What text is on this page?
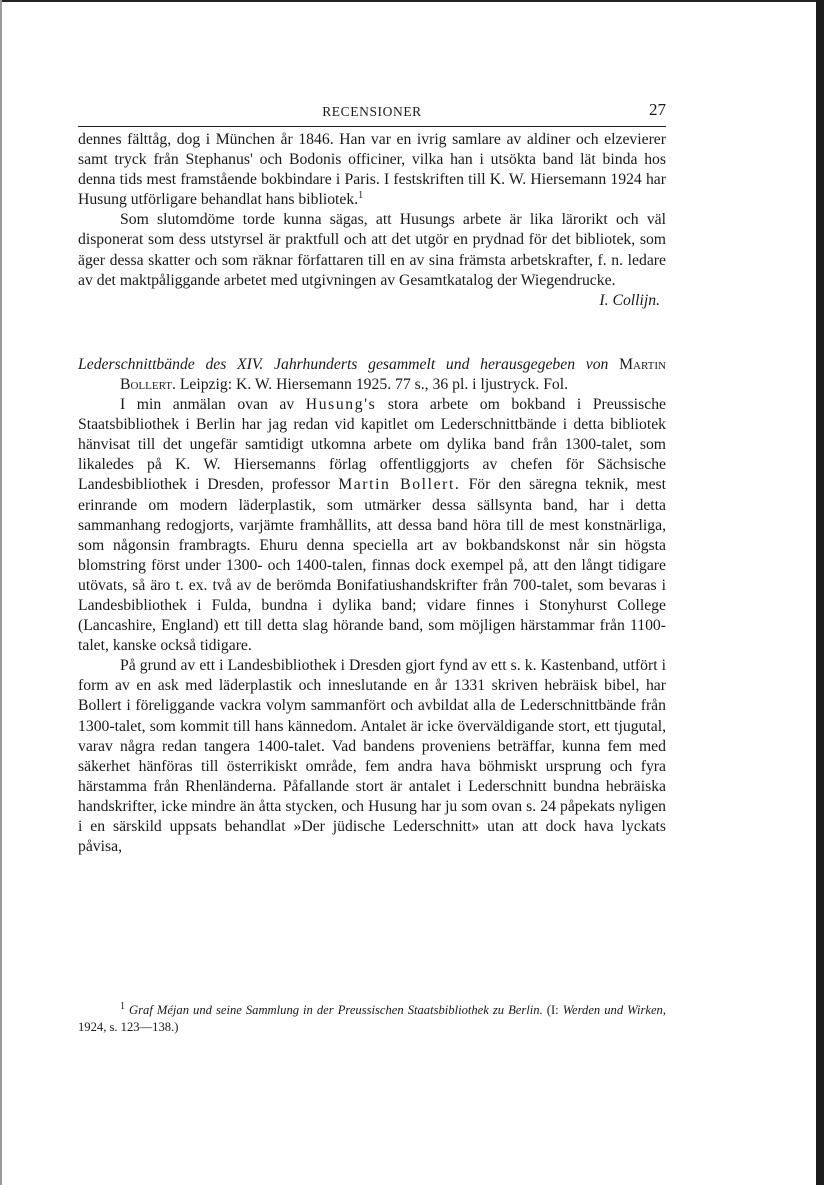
RECENSIONER	27

dennes fälttåg, dog i München år 1846. Han var en ivrig samlare av aldiner och elzevierer samt tryck från Stephanus' och Bodonis officiner, vilka han i utsökta band lät binda hos denna tids mest framstående bokbindare i Paris. I festskriften till K. W. Hiersemann 1924 har Husung utförligare behandlat hans bibliotek.$^1$

Som slutomdöme torde kunna sägas, att Husungs arbete är lika lärorikt och väl disponerat som dess utstyrsel är praktfull och att det utgör en prydnad för det bibliotek, som äger dessa skatter och som räknar författaren till en av sina främsta arbetskrafter, f. n. ledare av det maktpåliggande arbetet med utgivningen av Gesamtkatalog der Wiegendrucke.

I. Collijn.

Lederschnittbände des XIV. Jahrhunderts gesammelt und herausgegeben von Martin Bollert. Leipzig: K. W. Hiersemann 1925. 77 s., 36 pl. i ljustryck. Fol.

I min anmälan ovan av Husung's stora arbete om bokband i Preussische Staatsbibliothek i Berlin har jag redan vid kapitlet om Lederschnittbände i detta bibliotek hänvisat till det ungefär samtidigt utkomna arbete om dylika band från 1300-talet, som likaledes på K. W. Hiersemanns förlag offentliggjorts av chefen för Sächsische Landesbibliothek i Dresden, professor Martin Bollert. För den säregna teknik, mest erinrande om modern läderplastik, som utmärker dessa sällsynta band, har i detta sammanhang redogjorts, varjämte framhållits, att dessa band höra till de mest konstnärliga, som någonsin frambragts. Ehuru denna speciella art av bokbandskonst når sin högsta blomstring först under 1300- och 1400-talen, finnas dock exempel på, att den långt tidigare utövats, så äro t. ex. två av de berömda Bonifatiushandskrifter från 700-talet, som bevaras i Landesbibliothek i Fulda, bundna i dylika band; vidare finnes i Stonyhurst College (Lancashire, England) ett till detta slag hörande band, som möjligen härstammar från 1100-talet, kanske också tidigare.

På grund av ett i Landesbibliothek i Dresden gjort fynd av ett s. k. Kastenband, utfört i form av en ask med läderplastik och inneslutande en år 1331 skriven hebräisk bibel, har Bollert i föreliggande vackra volym sammanfört och avbildat alla de Lederschnittbände från 1300-talet, som kommit till hans kännedom. Antalet är icke överväldigande stort, ett tjugutal, varav några redan tangera 1400-talet. Vad bandens proveniens beträffar, kunna fem med säkerhet hänföras till österrikiskt område, fem andra hava böhmiskt ursprung och fyra härstamma från Rhenländerna. Påfallande stort är antalet i Lederschnitt bundna hebräiska handskrifter, icke mindre än åtta stycken, och Husung har ju som ovan s. 24 påpekats nyligen i en särskild uppsats behandlat »Der jüdische Lederschnitt» utan att dock hava lyckats påvisa,

$^1$ Graf Méjan und seine Sammlung in der Preussischen Staatsbibliothek zu Berlin. (I: Werden und Wirken, 1924, s. 123—138.)
